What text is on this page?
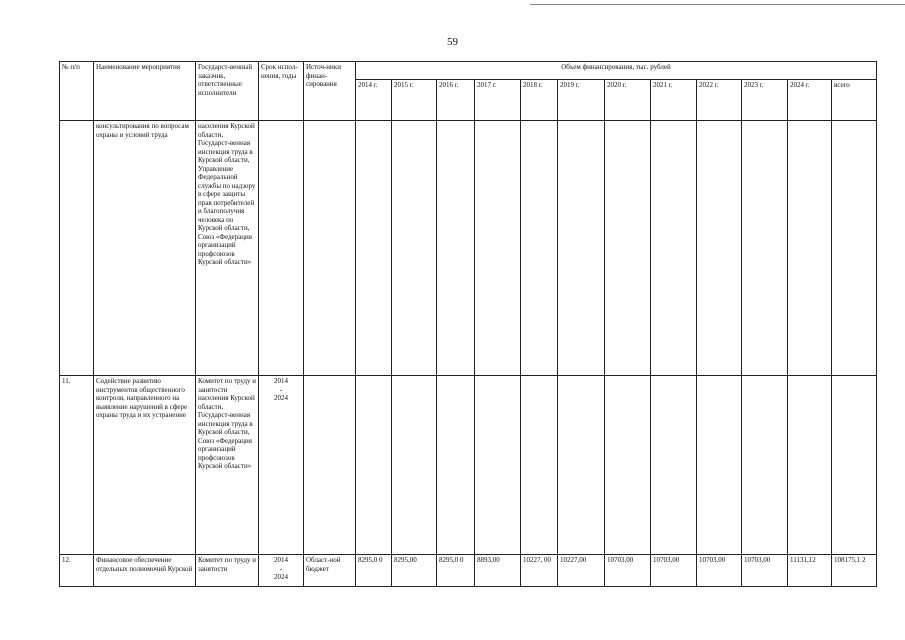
59
№ п/п	Наименование мероприятия	Государст-венный заказчик, ответственные исполнители	Срок испол-нения, годы	Источ-ники финан-сирования	Объем финансирования, тыс. рублей											
					2014 г.	2015 г.	2016 г.	2017 г.	2018 г.	2019 г.	2020 г.	2021 г.	2022 г.	2023 г.	2024 г.	всего
	консультирования по вопросам охраны и условий труда	населения Курской области, Государст-венная инспекция труда в Курской области, Управление Федеральной службы по надзору в сфере защиты прав потребителей и благополучия человека по Курской области, Союз «Федерация организаций профсоюзов Курской области»	

11.	Содействие развитию инструментов общественного контроля, направленного на выявление нарушений в сфере охраны труда и их устранение	Комитет по труду и занятости населения Курской области, Государст-венная инспекция труда в Курской области, Союз «Федерация организаций профсоюзов Курской области»	2014
-
2024													

12.	Финансовое обеспечение отдельных полномочий Курской	Комитет по труду и занятости	2014
-
2024	Област-ной бюджет	8295,0 0	8295,00	8295,0 0	8893,00	10227, 00	10227,00	10703,00	10703,00	10703,00	10703,00	11131,12	108175,1 2
